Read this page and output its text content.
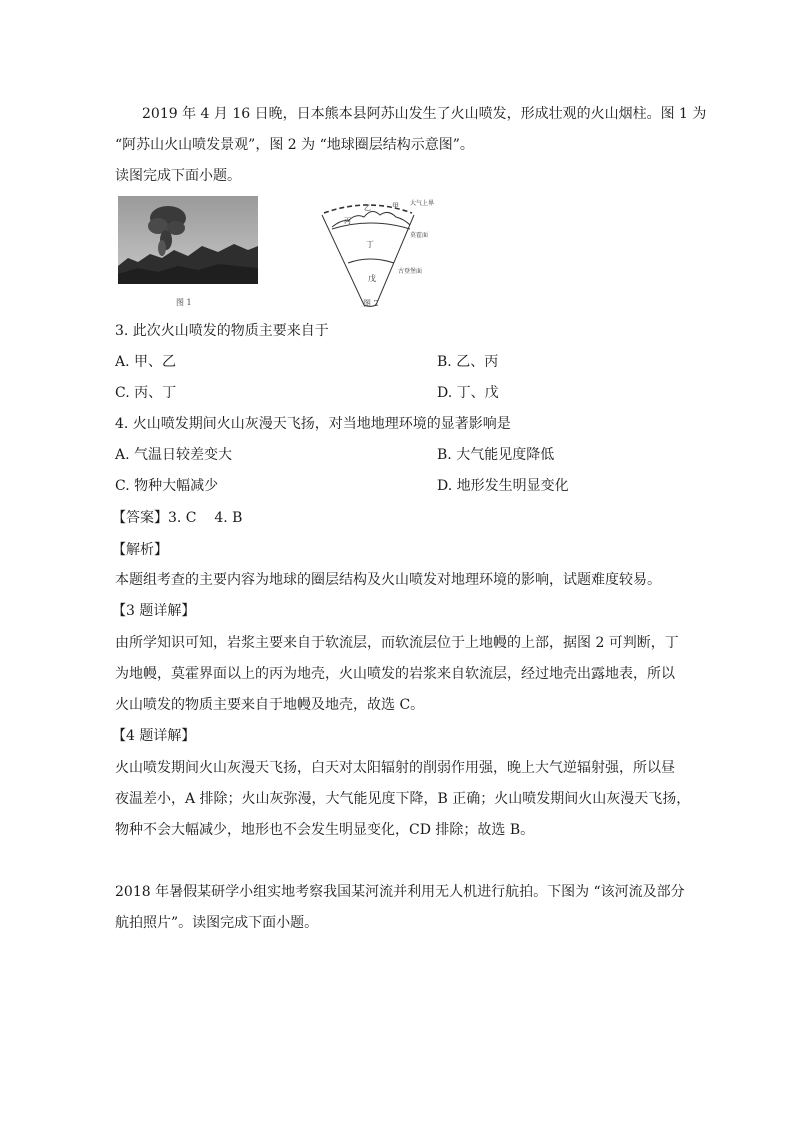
2019 年 4 月 16 日晚，日本熊本县阿苏山发生了火山喷发，形成壮观的火山烟柱。图 1 为
“阿苏山火山喷发景观”，图 2 为 “地球圈层结构示意图”。
读图完成下面小题。
图 1
乙	甲
丙
丁
戊
大气上界
莫霍面
古登堡面
图 2
3. 此次火山喷发的物质主要来自于
A. 甲、乙	B. 乙、丙
C. 丙、丁	D. 丁、戊
4. 火山喷发期间火山灰漫天飞扬，对当地地理环境的显著影响是
A. 气温日较差变大	B. 大气能见度降低
C. 物种大幅减少	D. 地形发生明显变化
【答案】3. C    4. B
【解析】
本题组考查的主要内容为地球的圈层结构及火山喷发对地理环境的影响，试题难度较易。
【3 题详解】
由所学知识可知，岩浆主要来自于软流层，而软流层位于上地幔的上部，据图 2 可判断，丁
为地幔，莫霍界面以上的丙为地壳，火山喷发的岩浆来自软流层，经过地壳出露地表，所以
火山喷发的物质主要来自于地幔及地壳，故选 C。
【4 题详解】
火山喷发期间火山灰漫天飞扬，白天对太阳辐射的削弱作用强，晚上大气逆辐射强，所以昼
夜温差小，A 排除；火山灰弥漫，大气能见度下降，B 正确；火山喷发期间火山灰漫天飞扬，
物种不会大幅减少，地形也不会发生明显变化，CD 排除；故选 B。
2018 年暑假某研学小组实地考察我国某河流并利用无人机进行航拍。下图为 “该河流及部分
航拍照片”。读图完成下面小题。
